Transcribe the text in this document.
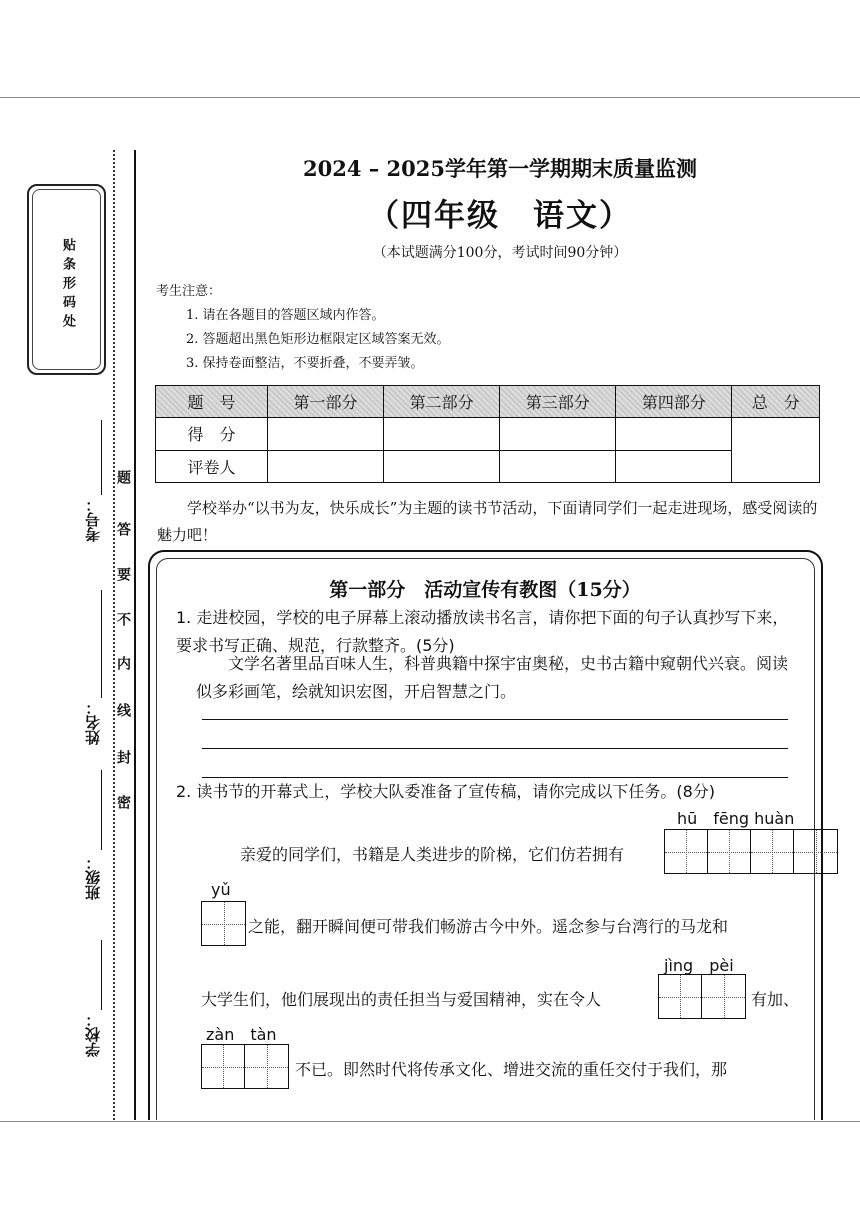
贴条形码处
学校：
班级：
姓名：
考号：
题
答
要
不
内
线
封
密
2024 – 2025学年第一学期期末质量监测
（四年级　语文）
（本试题满分100分，考试时间90分钟）
考生注意：
1. 请在各题目的答题区域内作答。
2. 答题超出黑色矩形边框限定区域答案无效。
3. 保持卷面整洁，不要折叠，不要弄皱。
题　号	第一部分	第二部分	第三部分	第四部分	总　分
得　分					
评卷人					
学校举办“以书为友，快乐成长”为主题的读书节活动，下面请同学们一起走进现场，感受阅读的魅力吧！
第一部分　活动宣传有教图（15分）
1. 走进校园，学校的电子屏幕上滚动播放读书名言，请你把下面的句子认真抄写下来，要求书写正确、规范，行款整齐。(5分)
文学名著里品百味人生，科普典籍中探宇宙奥秘，史书古籍中窥朝代兴衰。阅读似多彩画笔，绘就知识宏图，开启智慧之门。
2. 读书节的开幕式上，学校大队委准备了宣传稿，请你完成以下任务。(8分)
hū　fēng huàn
亲爱的同学们，书籍是人类进步的阶梯，它们仿若拥有
yǔ
之能，翻开瞬间便可带我们畅游古今中外。遥念参与台湾行的马龙和
jìng　pèi
大学生们，他们展现出的责任担当与爱国精神，实在令人	有加、
zàn　tàn
不已。即然时代将传承文化、增进交流的重任交付于我们，那
